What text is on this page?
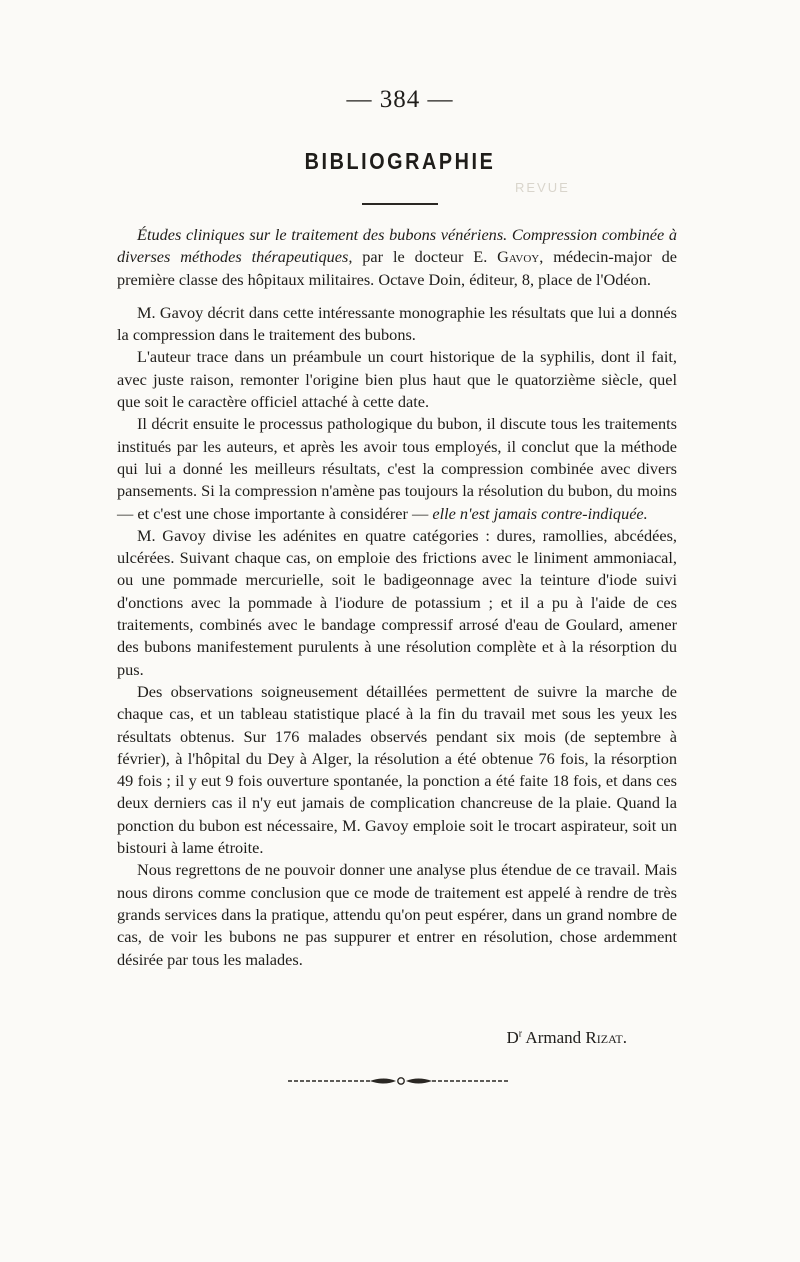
— 384 —
BIBLIOGRAPHIE
REVUE

Études cliniques sur le traitement des bubons vénériens. Compression combinée à diverses méthodes thérapeutiques, par le docteur E. Gavoy, médecin-major de première classe des hôpitaux militaires. Octave Doin, éditeur, 8, place de l'Odéon.

M. Gavoy décrit dans cette intéressante monographie les résultats que lui a donnés la compression dans le traitement des bubons.

L'auteur trace dans un préambule un court historique de la syphilis, dont il fait, avec juste raison, remonter l'origine bien plus haut que le quatorzième siècle, quel que soit le caractère officiel attaché à cette date.

Il décrit ensuite le processus pathologique du bubon, il discute tous les traitements institués par les auteurs, et après les avoir tous employés, il conclut que la méthode qui lui a donné les meilleurs résultats, c'est la compression combinée avec divers pansements. Si la compression n'amène pas toujours la résolution du bubon, du moins — et c'est une chose importante à considérer — elle n'est jamais contre-indiquée.

M. Gavoy divise les adénites en quatre catégories : dures, ramollies, abcédées, ulcérées. Suivant chaque cas, on emploie des frictions avec le liniment ammoniacal, ou une pommade mercurielle, soit le badigeonnage avec la teinture d'iode suivi d'onctions avec la pommade à l'iodure de potassium ; et il a pu à l'aide de ces traitements, combinés avec le bandage compressif arrosé d'eau de Goulard, amener des bubons manifestement purulents à une résolution complète et à la résorption du pus.

Des observations soigneusement détaillées permettent de suivre la marche de chaque cas, et un tableau statistique placé à la fin du travail met sous les yeux les résultats obtenus. Sur 176 malades observés pendant six mois (de septembre à février), à l'hôpital du Dey à Alger, la résolution a été obtenue 76 fois, la résorption 49 fois ; il y eut 9 fois ouverture spontanée, la ponction a été faite 18 fois, et dans ces deux derniers cas il n'y eut jamais de complication chancreuse de la plaie. Quand la ponction du bubon est nécessaire, M. Gavoy emploie soit le trocart aspirateur, soit un bistouri à lame étroite.

Nous regrettons de ne pouvoir donner une analyse plus étendue de ce travail. Mais nous dirons comme conclusion que ce mode de traitement est appelé à rendre de très grands services dans la pratique, attendu qu'on peut espérer, dans un grand nombre de cas, de voir les bubons ne pas suppurer et entrer en résolution, chose ardemment désirée par tous les malades.

$D^r$ Armand Rizat.
